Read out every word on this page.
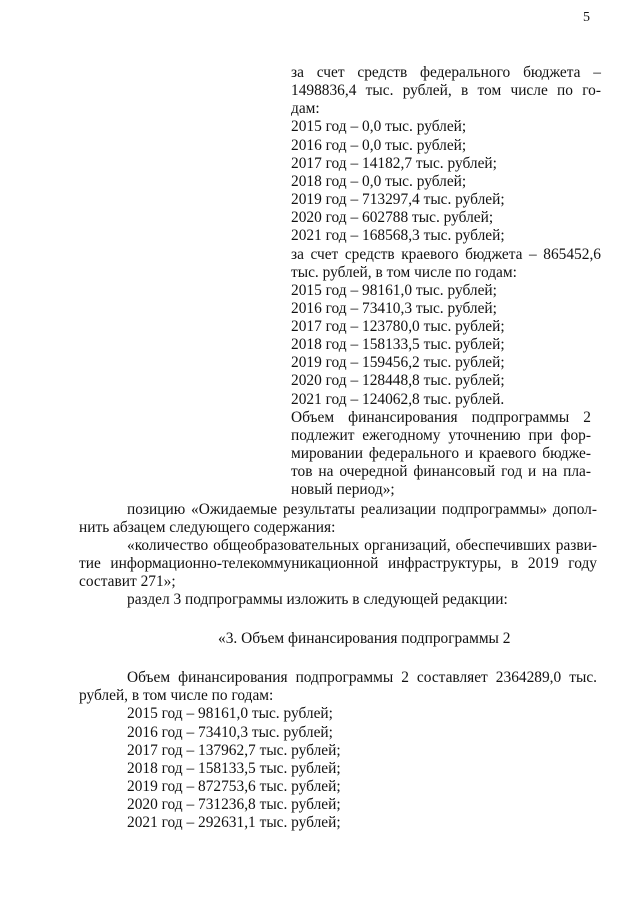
5
за счет средств федерального бюджета –
1498836,4 тыс. рублей, в том числе по го-
дам:
2015 год – 0,0 тыс. рублей;
2016 год – 0,0 тыс. рублей;
2017 год – 14182,7 тыс. рублей;
2018 год – 0,0 тыс. рублей;
2019 год – 713297,4 тыс. рублей;
2020 год – 602788 тыс. рублей;
2021 год – 168568,3 тыс. рублей;
за счет средств краевого бюджета – 865452,6
тыс. рублей, в том числе по годам:
2015 год – 98161,0 тыс. рублей;
2016 год – 73410,3 тыс. рублей;
2017 год – 123780,0 тыс. рублей;
2018 год – 158133,5 тыс. рублей;
2019 год – 159456,2 тыс. рублей;
2020 год – 128448,8 тыс. рублей;
2021 год – 124062,8 тыс. рублей.
Объем финансирования подпрограммы 2
подлежит ежегодному уточнению при фор-
мировании федерального и краевого бюдже-
тов на очередной финансовый год и на пла-
новый период»;
позицию «Ожидаемые результаты реализации подпрограммы» допол-
нить абзацем следующего содержания:
«количество общеобразовательных организаций, обеспечивших разви-
тие информационно-телекоммуникационной инфраструктуры, в 2019 году
составит 271»;
раздел 3 подпрограммы изложить в следующей редакции:
«3. Объем финансирования подпрограммы 2
Объем финансирования подпрограммы 2 составляет 2364289,0 тыс.
рублей, в том числе по годам:
2015 год – 98161,0 тыс. рублей;
2016 год – 73410,3 тыс. рублей;
2017 год – 137962,7 тыс. рублей;
2018 год – 158133,5 тыс. рублей;
2019 год – 872753,6 тыс. рублей;
2020 год – 731236,8 тыс. рублей;
2021 год – 292631,1 тыс. рублей;
